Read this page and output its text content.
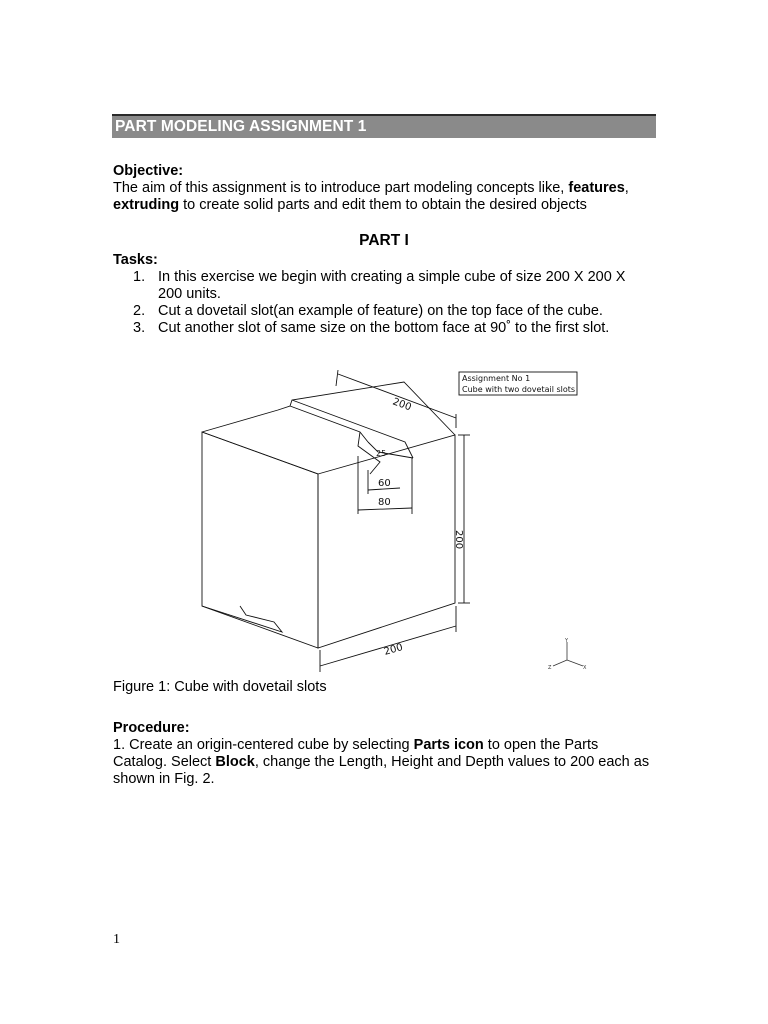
PART MODELING ASSIGNMENT 1
Objective:
The aim of this assignment is to introduce part modeling concepts like, features,
extruding to create solid parts and edit them to obtain the desired objects
PART I
Tasks:
1. In this exercise we begin with creating a simple cube of size 200 X 200 X 200 units.
2. Cut a dovetail slot(an example of feature) on the top face of the cube.
3. Cut another slot of same size on the bottom face at 90˚ to the first slot.
Assignment No 1
Cube with two dovetail slots
200
200
200
60
80
25
Y
X
Z
Figure 1: Cube with dovetail slots
Procedure:
1. Create an origin-centered cube by selecting Parts icon to open the Parts Catalog. Select Block, change the Length, Height and Depth values to 200 each as shown in Fig. 2.
1
